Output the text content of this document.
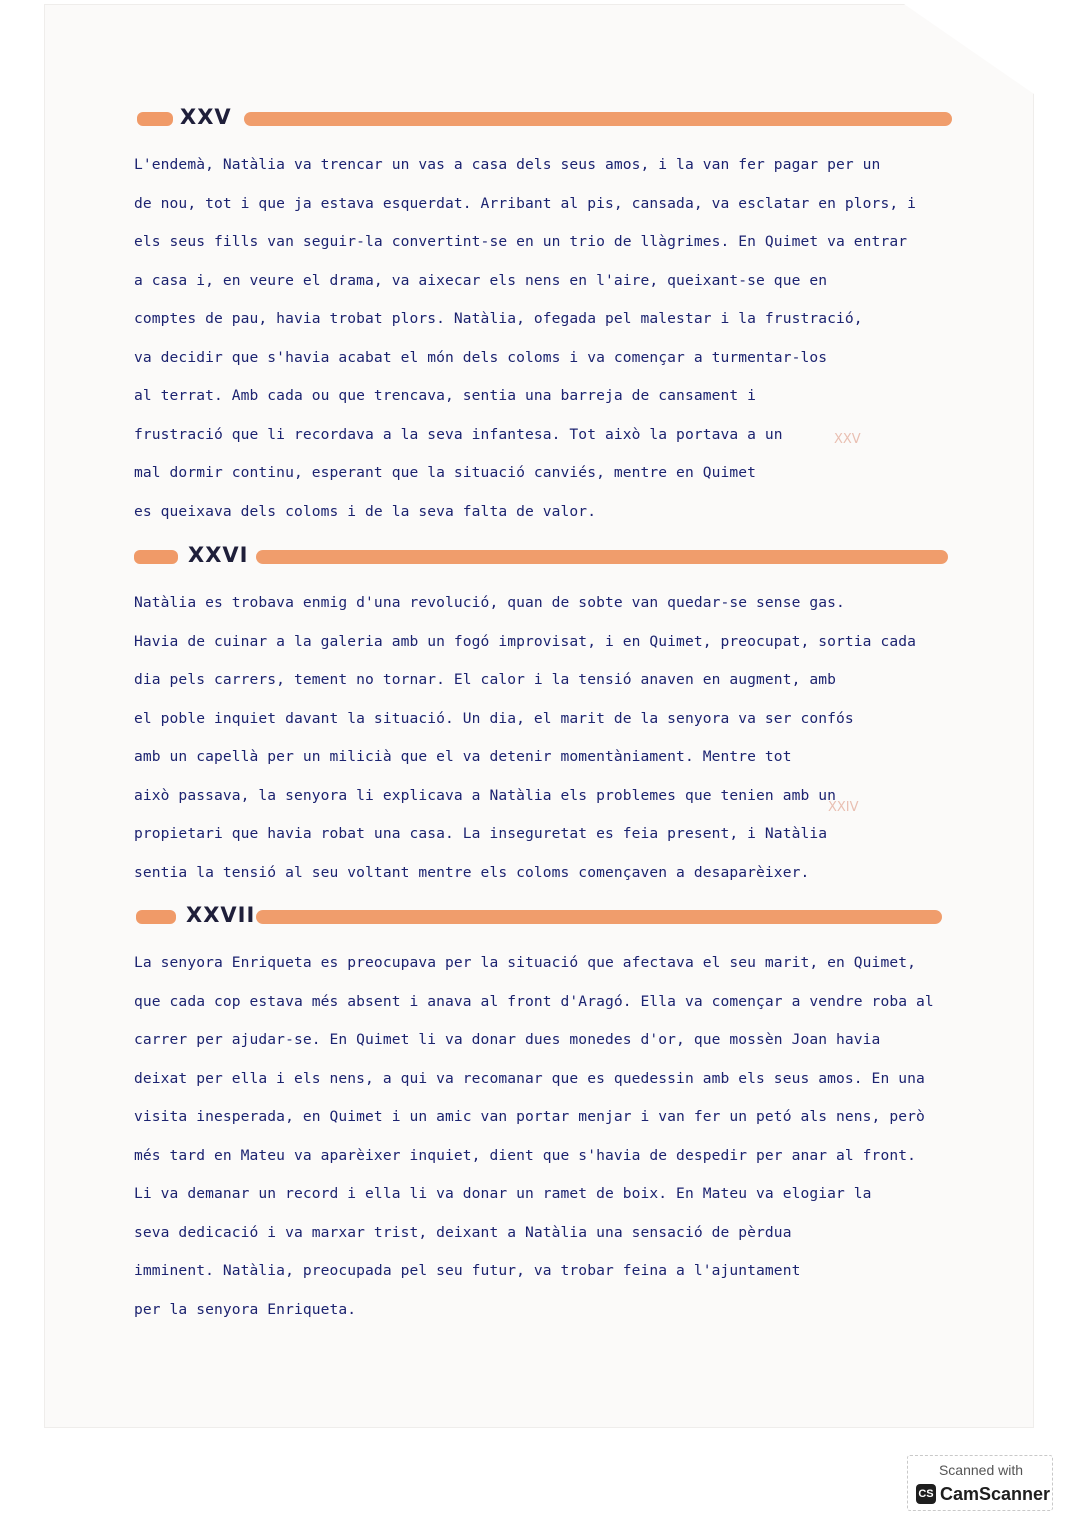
XXV
L'endemà, Natàlia va trencar un vas a casa dels seus amos, i la van fer pagar per un
de nou, tot i que ja estava esquerdat. Arribant al pis, cansada, va esclatar en plors, i
els seus fills van seguir-la convertint-se en un trio de llàgrimes. En Quimet va entrar
a casa i, en veure el drama, va aixecar els nens en l'aire, queixant-se que en
comptes de pau, havia trobat plors. Natàlia, ofegada pel malestar i la frustració,
va decidir que s'havia acabat el món dels coloms i va començar a turmentar-los
al terrat. Amb cada ou que trencava, sentia una barreja de cansament i
frustració que li recordava a la seva infantesa. Tot això la portava a un
mal dormir continu, esperant que la situació canviés, mentre en Quimet
es queixava dels coloms i de la seva falta de valor.
XXVI
Natàlia es trobava enmig d'una revolució, quan de sobte van quedar-se sense gas.
Havia de cuinar a la galeria amb un fogó improvisat, i en Quimet, preocupat, sortia cada
dia pels carrers, tement no tornar. El calor i la tensió anaven en augment, amb
el poble inquiet davant la situació. Un dia, el marit de la senyora va ser confós
amb un capellà per un milicià que el va detenir momentàniament. Mentre tot
això passava, la senyora li explicava a Natàlia els problemes que tenien amb un
propietari que havia robat una casa. La inseguretat es feia present, i Natàlia
sentia la tensió al seu voltant mentre els coloms començaven a desaparèixer.
XXVII
La senyora Enriqueta es preocupava per la situació que afectava el seu marit, en Quimet,
que cada cop estava més absent i anava al front d'Aragó. Ella va començar a vendre roba al
carrer per ajudar-se. En Quimet li va donar dues monedes d'or, que mossèn Joan havia
deixat per ella i els nens, a qui va recomanar que es quedessin amb els seus amos. En una
visita inesperada, en Quimet i un amic van portar menjar i van fer un petó als nens, però
més tard en Mateu va aparèixer inquiet, dient que s'havia de despedir per anar al front.
Li va demanar un record i ella li va donar un ramet de boix. En Mateu va elogiar la
seva dedicació i va marxar trist, deixant a Natàlia una sensació de pèrdua
imminent. Natàlia, preocupada pel seu futur, va trobar feina a l'ajuntament
per la senyora Enriqueta.
XXV
XXIV
Scanned with
CS CamScanner
